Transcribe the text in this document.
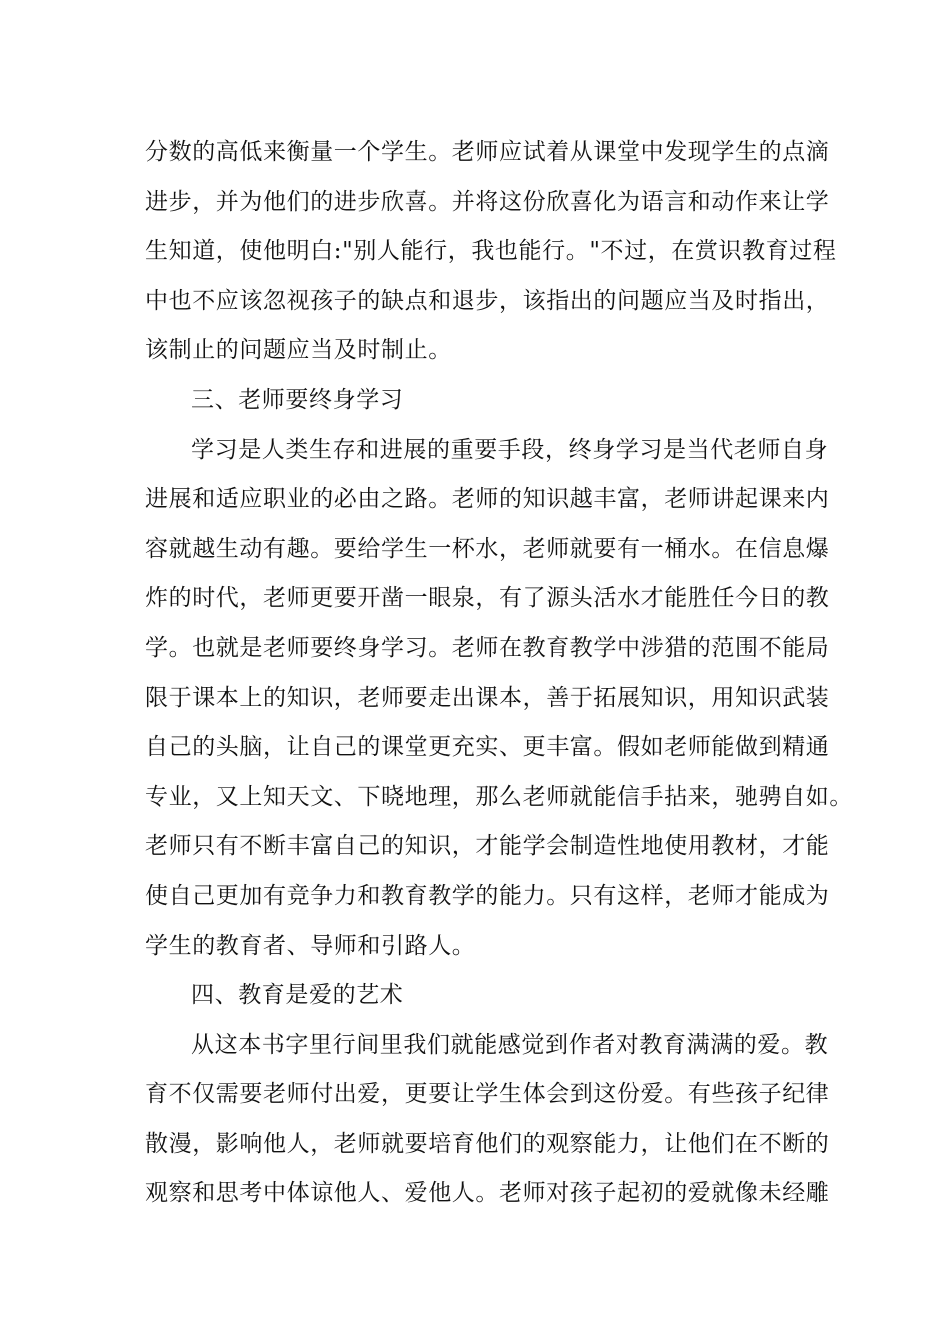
分数的高低来衡量一个学生。老师应试着从课堂中发现学生的点滴
进步，并为他们的进步欣喜。并将这份欣喜化为语言和动作来让学
生知道，使他明白:"别人能行，我也能行。"不过，在赏识教育过程
中也不应该忽视孩子的缺点和退步，该指出的问题应当及时指出，
该制止的问题应当及时制止。
三、老师要终身学习
学习是人类生存和进展的重要手段，终身学习是当代老师自身
进展和适应职业的必由之路。老师的知识越丰富，老师讲起课来内
容就越生动有趣。要给学生一杯水，老师就要有一桶水。在信息爆
炸的时代，老师更要开凿一眼泉，有了源头活水才能胜任今日的教
学。也就是老师要终身学习。老师在教育教学中涉猎的范围不能局
限于课本上的知识，老师要走出课本，善于拓展知识，用知识武装
自己的头脑，让自己的课堂更充实、更丰富。假如老师能做到精通
专业，又上知天文、下晓地理，那么老师就能信手拈来，驰骋自如。
老师只有不断丰富自己的知识，才能学会制造性地使用教材，才能
使自己更加有竞争力和教育教学的能力。只有这样，老师才能成为
学生的教育者、导师和引路人。
四、教育是爱的艺术
从这本书字里行间里我们就能感觉到作者对教育满满的爱。教
育不仅需要老师付出爱，更要让学生体会到这份爱。有些孩子纪律
散漫，影响他人，老师就要培育他们的观察能力，让他们在不断的
观察和思考中体谅他人、爱他人。老师对孩子起初的爱就像未经雕
